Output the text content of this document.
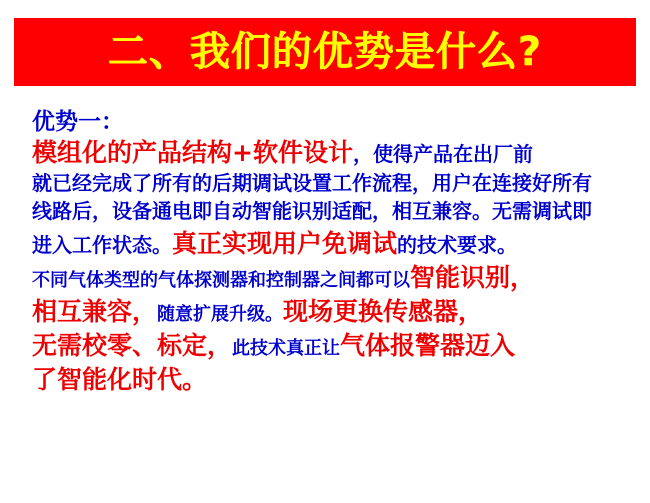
二、我们的优势是什么?
优势一：
模组化的产品结构+软件设计，使得产品在出厂前
就已经完成了所有的后期调试设置工作流程，用户在连接好所有
线路后，设备通电即自动智能识别适配，相互兼容。无需调试即
进入工作状态。真正实现用户免调试的技术要求。
不同气体类型的气体探测器和控制器之间都可以智能识别，
相互兼容，随意扩展升级。现场更换传感器，
无需校零、标定，此技术真正让气体报警器迈入
了智能化时代。
